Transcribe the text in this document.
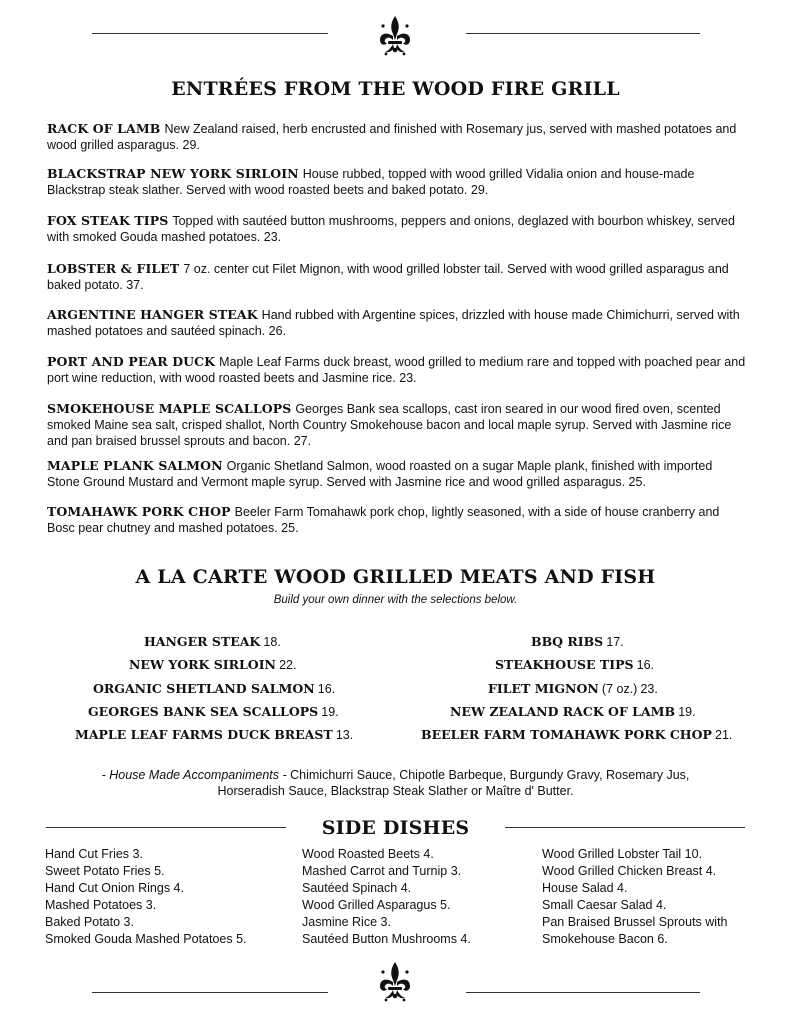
ENTRÉES FROM THE WOOD FIRE GRILL
RACK OF LAMB New Zealand raised, herb encrusted and finished with Rosemary jus, served with mashed potatoes and wood grilled asparagus. 29.
BLACKSTRAP NEW YORK SIRLOIN House rubbed, topped with wood grilled Vidalia onion and house-made Blackstrap steak slather. Served with wood roasted beets and baked potato. 29.
FOX STEAK TIPS Topped with sautéed button mushrooms, peppers and onions, deglazed with bourbon whiskey, served with smoked Gouda mashed potatoes. 23.
LOBSTER & FILET 7 oz. center cut Filet Mignon, with wood grilled lobster tail. Served with wood grilled asparagus and baked potato. 37.
ARGENTINE HANGER STEAK Hand rubbed with Argentine spices, drizzled with house made Chimichurri, served with mashed potatoes and sautéed spinach. 26.
PORT AND PEAR DUCK Maple Leaf Farms duck breast, wood grilled to medium rare and topped with poached pear and port wine reduction, with wood roasted beets and Jasmine rice. 23.
SMOKEHOUSE MAPLE SCALLOPS Georges Bank sea scallops, cast iron seared in our wood fired oven, scented smoked Maine sea salt, crisped shallot, North Country Smokehouse bacon and local maple syrup. Served with Jasmine rice and pan braised brussel sprouts and bacon. 27.
MAPLE PLANK SALMON Organic Shetland Salmon, wood roasted on a sugar Maple plank, finished with imported Stone Ground Mustard and Vermont maple syrup. Served with Jasmine rice and wood grilled asparagus. 25.
TOMAHAWK PORK CHOP Beeler Farm Tomahawk pork chop, lightly seasoned, with a side of house cranberry and Bosc pear chutney and mashed potatoes. 25.
A LA CARTE WOOD GRILLED MEATS AND FISH
Build your own dinner with the selections below.
HANGER STEAK 18.
NEW YORK SIRLOIN 22.
ORGANIC SHETLAND SALMON 16.
GEORGES BANK SEA SCALLOPS 19.
MAPLE LEAF FARMS DUCK BREAST 13.
BBQ RIBS 17.
STEAKHOUSE TIPS 16.
FILET MIGNON (7 oz.) 23.
NEW ZEALAND RACK OF LAMB 19.
BEELER FARM TOMAHAWK PORK CHOP 21.
- House Made Accompaniments - Chimichurri Sauce, Chipotle Barbeque, Burgundy Gravy, Rosemary Jus,
Horseradish Sauce, Blackstrap Steak Slather or Maître d' Butter.
SIDE DISHES
Hand Cut Fries 3.
Sweet Potato Fries 5.
Hand Cut Onion Rings 4.
Mashed Potatoes 3.
Baked Potato 3.
Smoked Gouda Mashed Potatoes 5.
Wood Roasted Beets 4.
Mashed Carrot and Turnip 3.
Sautéed Spinach 4.
Wood Grilled Asparagus 5.
Jasmine Rice 3.
Sautéed Button Mushrooms 4.
Wood Grilled Lobster Tail 10.
Wood Grilled Chicken Breast 4.
House Salad 4.
Small Caesar Salad 4.
Pan Braised Brussel Sprouts with
Smokehouse Bacon 6.
